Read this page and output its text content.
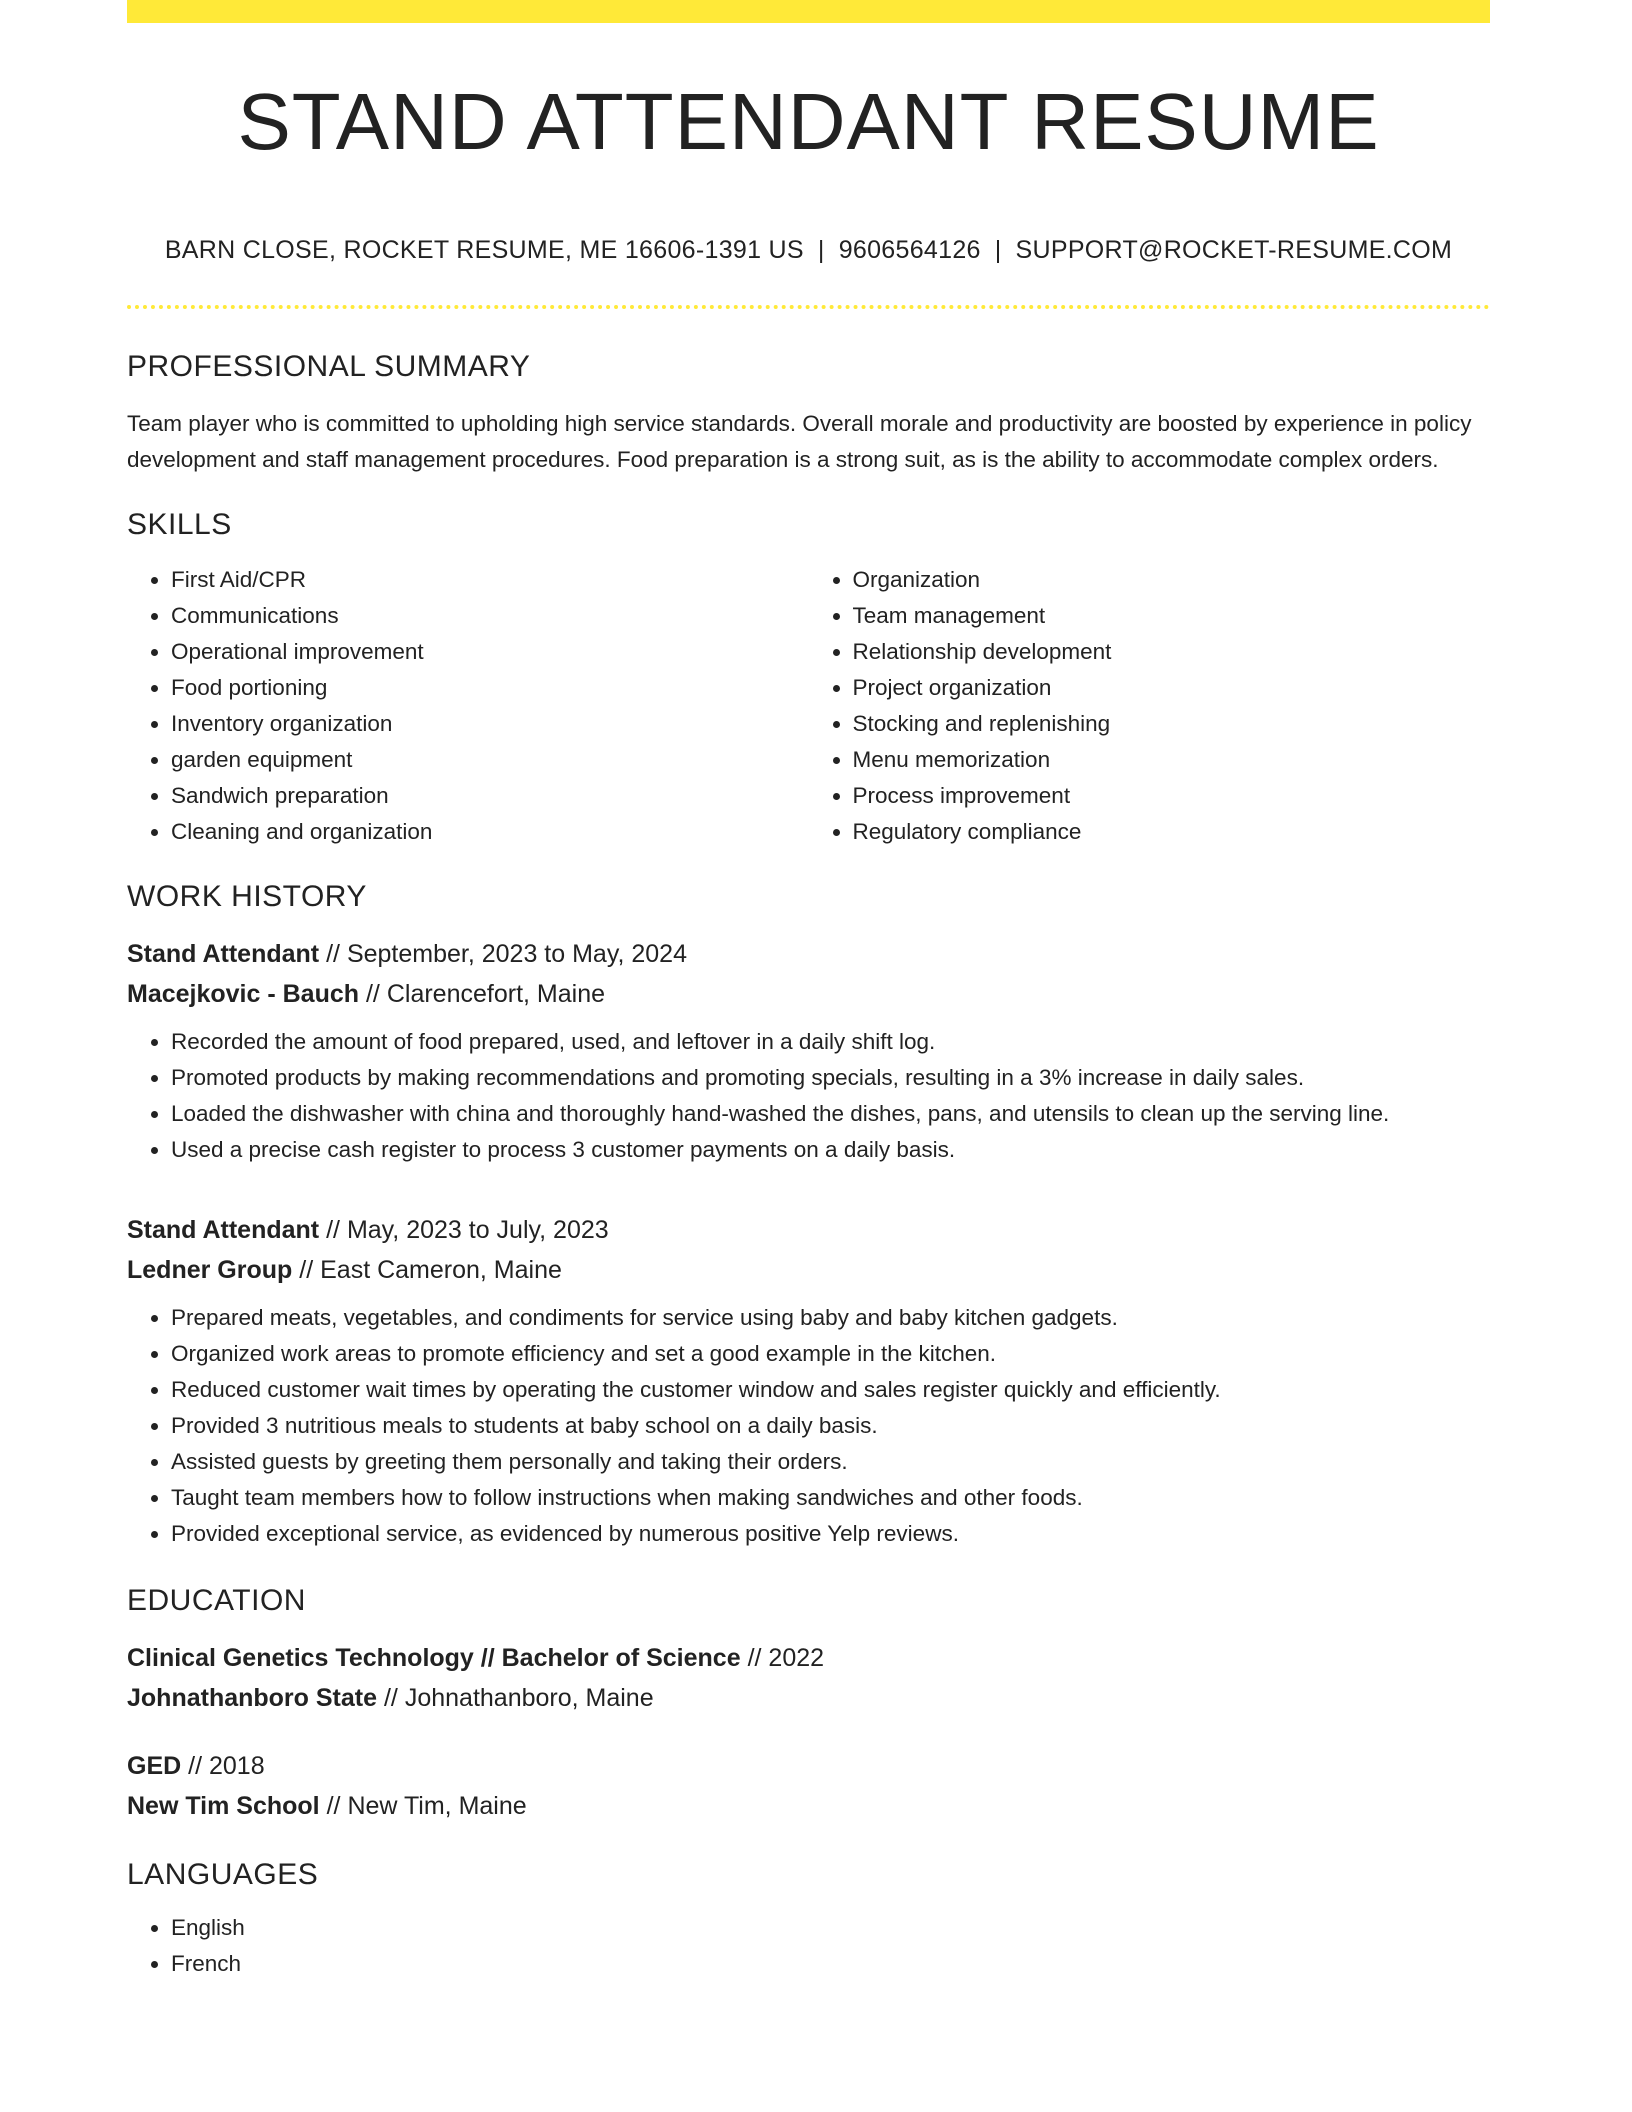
STAND ATTENDANT RESUME
BARN CLOSE, ROCKET RESUME, ME 16606-1391 US | 9606564126 | SUPPORT@ROCKET-RESUME.COM
PROFESSIONAL SUMMARY

Team player who is committed to upholding high service standards. Overall morale and productivity are boosted by experience in policy development and staff management procedures. Food preparation is a strong suit, as is the ability to accommodate complex orders.

SKILLS
• First Aid/CPR
• Communications
• Operational improvement
• Food portioning
• Inventory organization
• garden equipment
• Sandwich preparation
• Cleaning and organization
• Organization
• Team management
• Relationship development
• Project organization
• Stocking and replenishing
• Menu memorization
• Process improvement
• Regulatory compliance
WORK HISTORY
Stand Attendant // September, 2023 to May, 2024
Macejkovic - Bauch // Clarencefort, Maine
• Recorded the amount of food prepared, used, and leftover in a daily shift log.
• Promoted products by making recommendations and promoting specials, resulting in a 3% increase in daily sales.
• Loaded the dishwasher with china and thoroughly hand-washed the dishes, pans, and utensils to clean up the serving line.
• Used a precise cash register to process 3 customer payments on a daily basis.
Stand Attendant // May, 2023 to July, 2023
Ledner Group // East Cameron, Maine
• Prepared meats, vegetables, and condiments for service using baby and baby kitchen gadgets.
• Organized work areas to promote efficiency and set a good example in the kitchen.
• Reduced customer wait times by operating the customer window and sales register quickly and efficiently.
• Provided 3 nutritious meals to students at baby school on a daily basis.
• Assisted guests by greeting them personally and taking their orders.
• Taught team members how to follow instructions when making sandwiches and other foods.
• Provided exceptional service, as evidenced by numerous positive Yelp reviews.
EDUCATION
Clinical Genetics Technology // Bachelor of Science // 2022
Johnathanboro State // Johnathanboro, Maine
GED // 2018
New Tim School // New Tim, Maine
LANGUAGES
• English
• French
